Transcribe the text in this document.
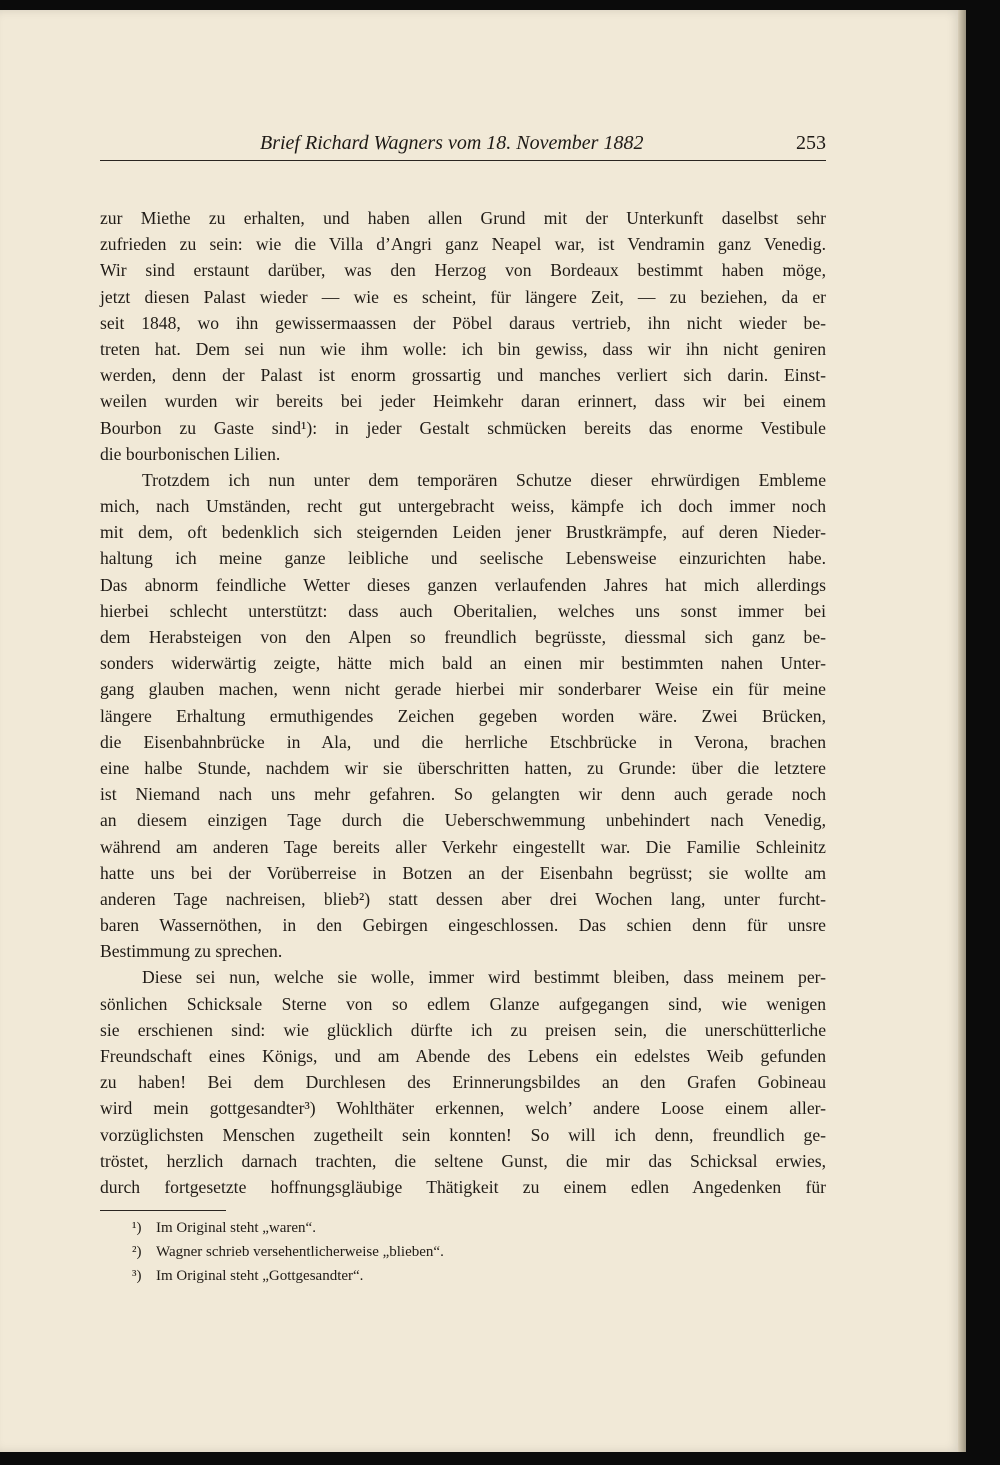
Brief Richard Wagners vom 18. November 1882	253
zur Miethe zu erhalten, und haben allen Grund mit der Unterkunft daselbst sehr
zufrieden zu sein: wie die Villa d’Angri ganz Neapel war, ist Vendramin ganz Venedig.
Wir sind erstaunt darüber, was den Herzog von Bordeaux bestimmt haben möge,
jetzt diesen Palast wieder — wie es scheint, für längere Zeit, — zu beziehen, da er
seit 1848, wo ihn gewissermaassen der Pöbel daraus vertrieb, ihn nicht wieder be-
treten hat. Dem sei nun wie ihm wolle: ich bin gewiss, dass wir ihn nicht geniren
werden, denn der Palast ist enorm grossartig und manches verliert sich darin. Einst-
weilen wurden wir bereits bei jeder Heimkehr daran erinnert, dass wir bei einem
Bourbon zu Gaste sind¹): in jeder Gestalt schmücken bereits das enorme Vestibule
die bourbonischen Lilien.
Trotzdem ich nun unter dem temporären Schutze dieser ehrwürdigen Embleme
mich, nach Umständen, recht gut untergebracht weiss, kämpfe ich doch immer noch
mit dem, oft bedenklich sich steigernden Leiden jener Brustkrämpfe, auf deren Nieder-
haltung ich meine ganze leibliche und seelische Lebensweise einzurichten habe.
Das abnorm feindliche Wetter dieses ganzen verlaufenden Jahres hat mich allerdings
hierbei schlecht unterstützt: dass auch Oberitalien, welches uns sonst immer bei
dem Herabsteigen von den Alpen so freundlich begrüsste, diessmal sich ganz be-
sonders widerwärtig zeigte, hätte mich bald an einen mir bestimmten nahen Unter-
gang glauben machen, wenn nicht gerade hierbei mir sonderbarer Weise ein für meine
längere Erhaltung ermuthigendes Zeichen gegeben worden wäre. Zwei Brücken,
die Eisenbahnbrücke in Ala, und die herrliche Etschbrücke in Verona, brachen
eine halbe Stunde, nachdem wir sie überschritten hatten, zu Grunde: über die letztere
ist Niemand nach uns mehr gefahren. So gelangten wir denn auch gerade noch
an diesem einzigen Tage durch die Ueberschwemmung unbehindert nach Venedig,
während am anderen Tage bereits aller Verkehr eingestellt war. Die Familie Schleinitz
hatte uns bei der Vorüberreise in Botzen an der Eisenbahn begrüsst; sie wollte am
anderen Tage nachreisen, blieb²) statt dessen aber drei Wochen lang, unter furcht-
baren Wassernöthen, in den Gebirgen eingeschlossen. Das schien denn für unsre
Bestimmung zu sprechen.
Diese sei nun, welche sie wolle, immer wird bestimmt bleiben, dass meinem per-
sönlichen Schicksale Sterne von so edlem Glanze aufgegangen sind, wie wenigen
sie erschienen sind: wie glücklich dürfte ich zu preisen sein, die unerschütterliche
Freundschaft eines Königs, und am Abende des Lebens ein edelstes Weib gefunden
zu haben! Bei dem Durchlesen des Erinnerungsbildes an den Grafen Gobineau
wird mein gottgesandter³) Wohlthäter erkennen, welch’ andere Loose einem aller-
vorzüglichsten Menschen zugetheilt sein konnten! So will ich denn, freundlich ge-
tröstet, herzlich darnach trachten, die seltene Gunst, die mir das Schicksal erwies,
durch fortgesetzte hoffnungsgläubige Thätigkeit zu einem edlen Angedenken für
¹) Im Original steht „waren“.
²) Wagner schrieb versehentlicherweise „blieben“.
³) Im Original steht „Gottgesandter“.
